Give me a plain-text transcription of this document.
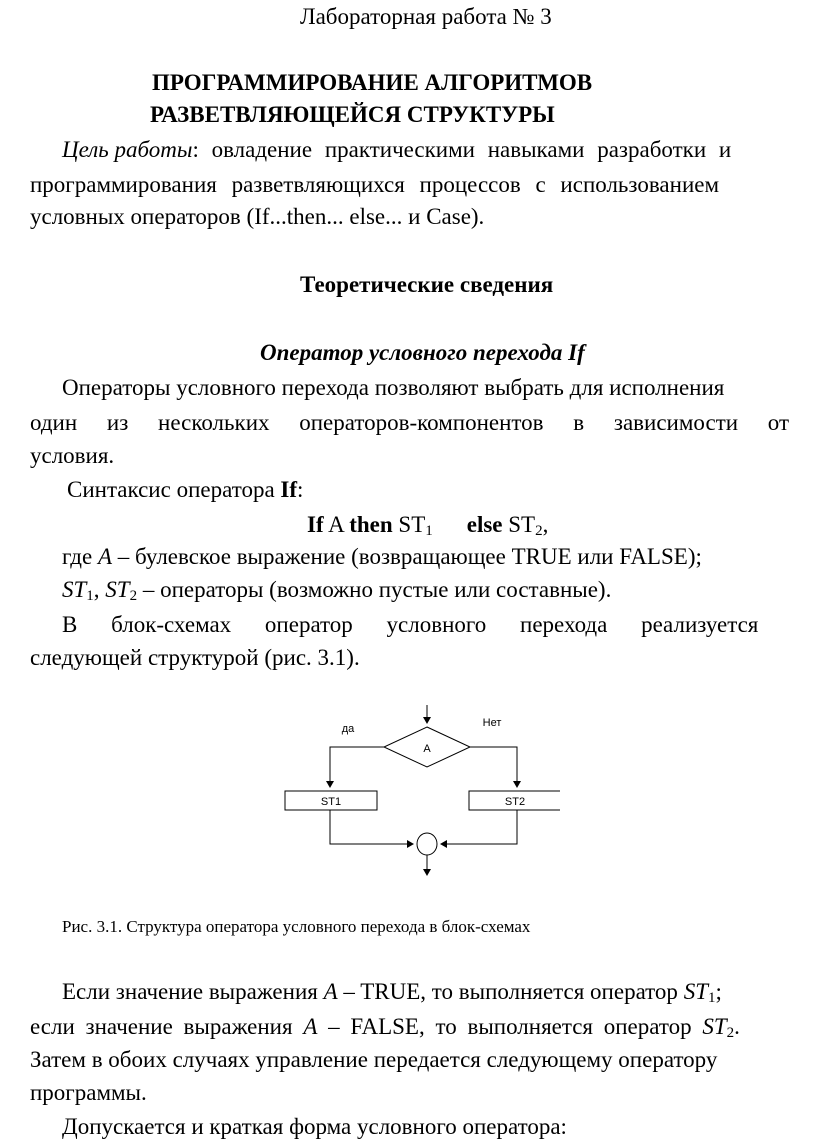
Лабораторная работа № 3
ПРОГРАММИРОВАНИЕ АЛГОРИТМОВ
РАЗВЕТВЛЯЮЩЕЙСЯ СТРУКТУРЫ
Цель работы: овладение практическими навыками разработки и
программирования разветвляющихся процессов с использованием
условных операторов (If...then... else... и Case).
Теоретические сведения
Оператор условного перехода If
Операторы условного перехода позволяют выбрать для исполнения
один из нескольких операторов-компонентов в зависимости от
условия.
Синтаксис оператора If:
If A then $ST_1$ else $ST_2$,
где A – булевское выражение (возвращающее TRUE или FALSE);
$ST_1$, $ST_2$ – операторы (возможно пустые или составные).
В блок-схемах оператор условного перехода реализуется
следующей структурой (рис. 3.1).
A
да	Нет
ST1	ST2
Рис. 3.1. Структура оператора условного перехода в блок-схемах
Если значение выражения A – TRUE, то выполняется оператор $ST_1$;
если значение выражения A – FALSE, то выполняется оператор $ST_2$.
Затем в обоих случаях управление передается следующему оператору
программы.
Допускается и краткая форма условного оператора:
